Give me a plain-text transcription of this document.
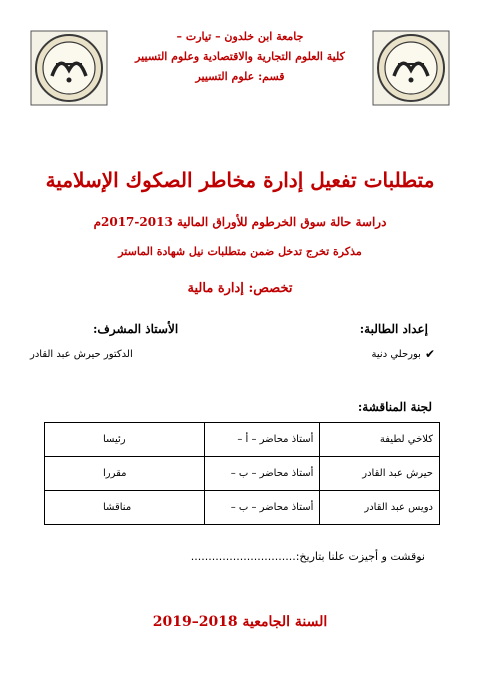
جامعة ابن خلدون – تيارت –
كلية العلوم التجارية والاقتصادية وعلوم التسيير
قسم: علوم التسيير
متطلبات تفعيل إدارة مخاطر الصكوك الإسلامية
دراسة حالة سوق الخرطوم للأوراق المالية 2013-2017م
مذكرة تخرج تدخل ضمن متطلبات نيل شهادة الماستر
تخصص: إدارة مالية
إعداد الطالبة:
الأستاذ المشرف:
✔
بورحلي دنية
الدكتور حيرش عبد القادر
لجنة المناقشة:
كلاخي لطيفة	أستاذ محاضر – أ –	رئيسا
حيرش عبد القادر	أستاذ محاضر – ب –	مقررا
دويس عبد القادر	أستاذ محاضر – ب –	مناقشا
نوقشت و أجيزت علنا بتاريخ:..............................
السنة الجامعية 2018–2019
